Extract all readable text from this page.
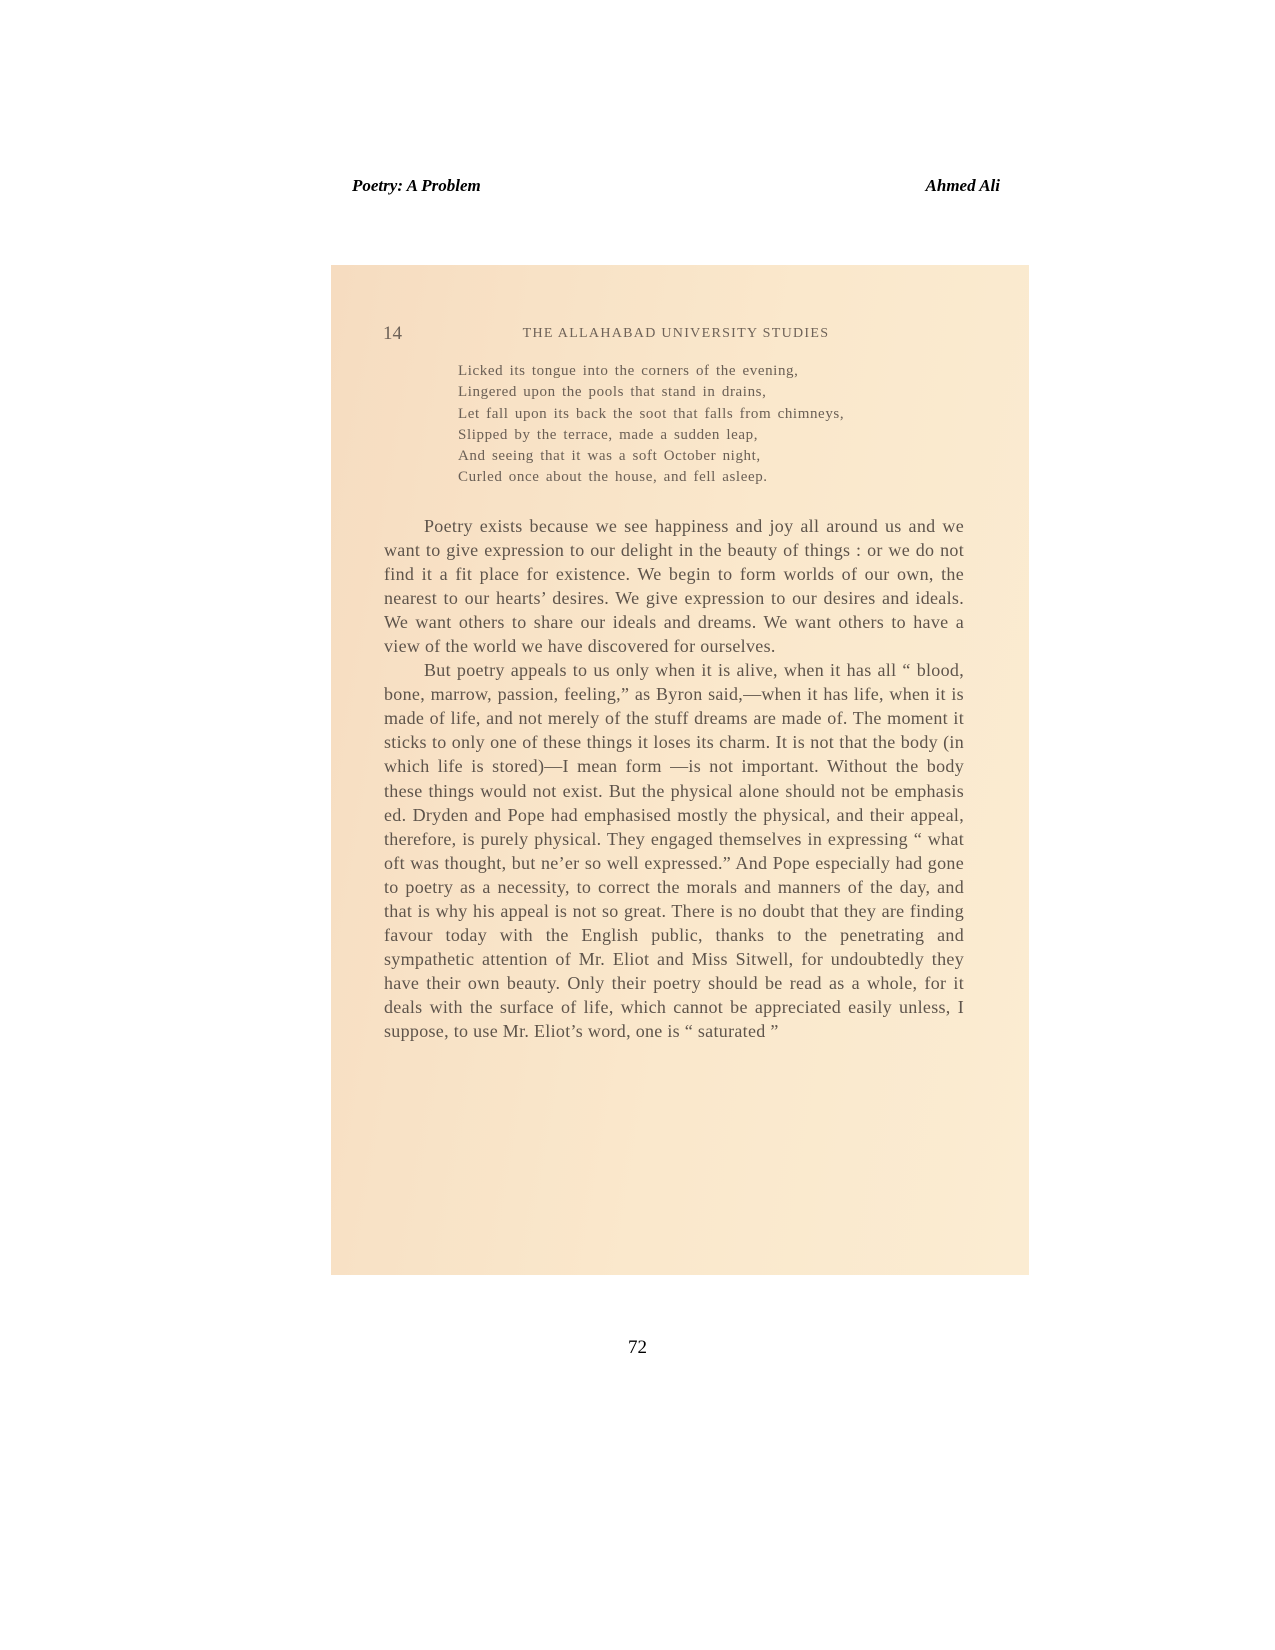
Poetry: A Problem	Ahmed Ali
14	THE ALLAHABAD UNIVERSITY STUDIES
Licked its tongue into the corners of the evening,
Lingered upon the pools that stand in drains,
Let fall upon its back the soot that falls from chimneys,
Slipped by the terrace, made a sudden leap,
And seeing that it was a soft October night,
Curled once about the house, and fell asleep.

Poetry exists because we see happiness and joy all around us and we want to give expression to our delight in the beauty of things : or we do not find it a fit place for existence. We begin to form worlds of our own, the nearest to our hearts’ desires. We give expression to our desires and ideals. We want others to share our ideals and dreams. We want others to have a view of the world we have discovered for ourselves.

But poetry appeals to us only when it is alive, when it has all “ blood, bone, marrow, passion, feeling,” as Byron said,—when it has life, when it is made of life, and not merely of the stuff dreams are made of. The moment it sticks to only one of these things it loses its charm. It is not that the body (in which life is stored)—I mean form —is not important. Without the body these things would not exist. But the physical alone should not be emphasis ed. Dryden and Pope had emphasised mostly the physical, and their appeal, therefore, is purely physical. They engaged themselves in expressing “ what oft was thought, but ne’er so well expressed.” And Pope especially had gone to poetry as a necessity, to correct the morals and manners of the day, and that is why his appeal is not so great. There is no doubt that they are finding favour today with the English public, thanks to the penetrating and sympathetic attention of Mr. Eliot and Miss Sitwell, for undoubtedly they have their own beauty. Only their poetry should be read as a whole, for it deals with the surface of life, which cannot be appreciated easily unless, I suppose, to use Mr. Eliot’s word, one is “ saturated ”

72
